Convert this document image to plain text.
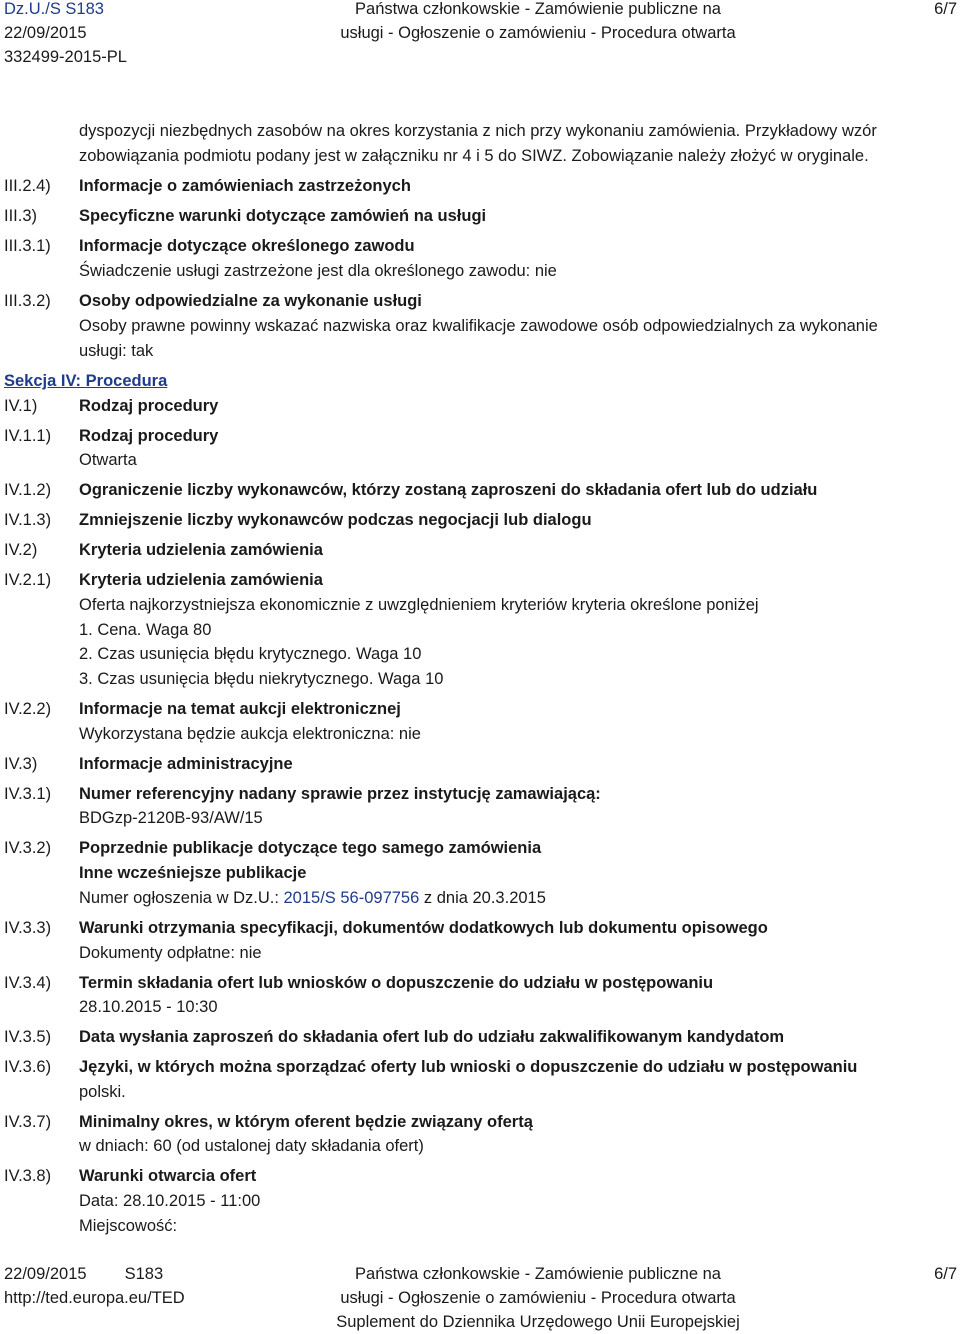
Dz.U./S S183
22/09/2015
332499-2015-PL
Państwa członkowskie - Zamówienie publiczne na
usługi - Ogłoszenie o zamówieniu - Procedura otwarta
6/7
dyspozycji niezbędnych zasobów na okres korzystania z nich przy wykonaniu zamówienia. Przykładowy wzór
zobowiązania podmiotu podany jest w załączniku nr 4 i 5 do SIWZ. Zobowiązanie należy złożyć w oryginale.
III.2.4) Informacje o zamówieniach zastrzeżonych
III.3)	Specyficzne warunki dotyczące zamówień na usługi
III.3.1) Informacje dotyczące określonego zawodu
Świadczenie usługi zastrzeżone jest dla określonego zawodu: nie
III.3.2) Osoby odpowiedzialne za wykonanie usługi
Osoby prawne powinny wskazać nazwiska oraz kwalifikacje zawodowe osób odpowiedzialnych za wykonanie
usługi: tak
Sekcja IV: Procedura
IV.1)	Rodzaj procedury
IV.1.1) Rodzaj procedury
Otwarta
IV.1.2) Ograniczenie liczby wykonawców, którzy zostaną zaproszeni do składania ofert lub do udziału
IV.1.3) Zmniejszenie liczby wykonawców podczas negocjacji lub dialogu
IV.2)	Kryteria udzielenia zamówienia
IV.2.1) Kryteria udzielenia zamówienia
Oferta najkorzystniejsza ekonomicznie z uwzględnieniem kryteriów kryteria określone poniżej
1. Cena. Waga 80
2. Czas usunięcia błędu krytycznego. Waga 10
3. Czas usunięcia błędu niekrytycznego. Waga 10
IV.2.2) Informacje na temat aukcji elektronicznej
Wykorzystana będzie aukcja elektroniczna: nie
IV.3)	Informacje administracyjne
IV.3.1) Numer referencyjny nadany sprawie przez instytucję zamawiającą:
BDGzp-2120B-93/AW/15
IV.3.2) Poprzednie publikacje dotyczące tego samego zamówienia
Inne wcześniejsze publikacje
Numer ogłoszenia w Dz.U.: 2015/S 56-097756 z dnia 20.3.2015
IV.3.3) Warunki otrzymania specyfikacji, dokumentów dodatkowych lub dokumentu opisowego
Dokumenty odpłatne: nie
IV.3.4) Termin składania ofert lub wniosków o dopuszczenie do udziału w postępowaniu
28.10.2015 - 10:30
IV.3.5) Data wysłania zaproszeń do składania ofert lub do udziału zakwalifikowanym kandydatom
IV.3.6) Języki, w których można sporządzać oferty lub wnioski o dopuszczenie do udziału w postępowaniu
polski.
IV.3.7) Minimalny okres, w którym oferent będzie związany ofertą
w dniach: 60 (od ustalonej daty składania ofert)
IV.3.8) Warunki otwarcia ofert
Data: 28.10.2015 - 11:00
Miejscowość:
22/09/2015 S183
http://ted.europa.eu/TED
Państwa członkowskie - Zamówienie publiczne na
usługi - Ogłoszenie o zamówieniu - Procedura otwarta
Suplement do Dziennika Urzędowego Unii Europejskiej
6/7
